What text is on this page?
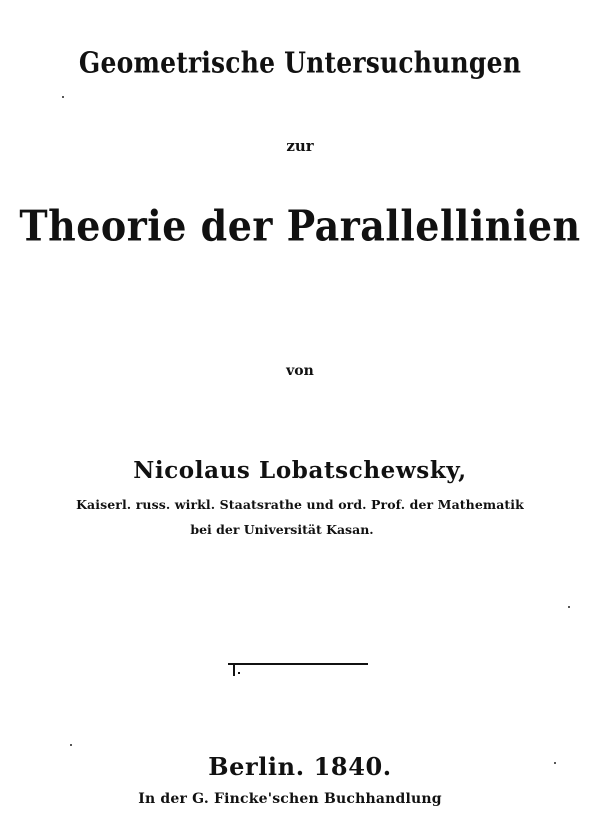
Geometrische Untersuchungen
zur
Theorie der Parallellinien
von
Nicolaus Lobatschewsky,
Kaiserl. russ. wirkl. Staatsrathe und ord. Prof. der Mathematik
bei der Universität Kasan.
Berlin. 1840.
In der G. Fincke'schen Buchhandlung
